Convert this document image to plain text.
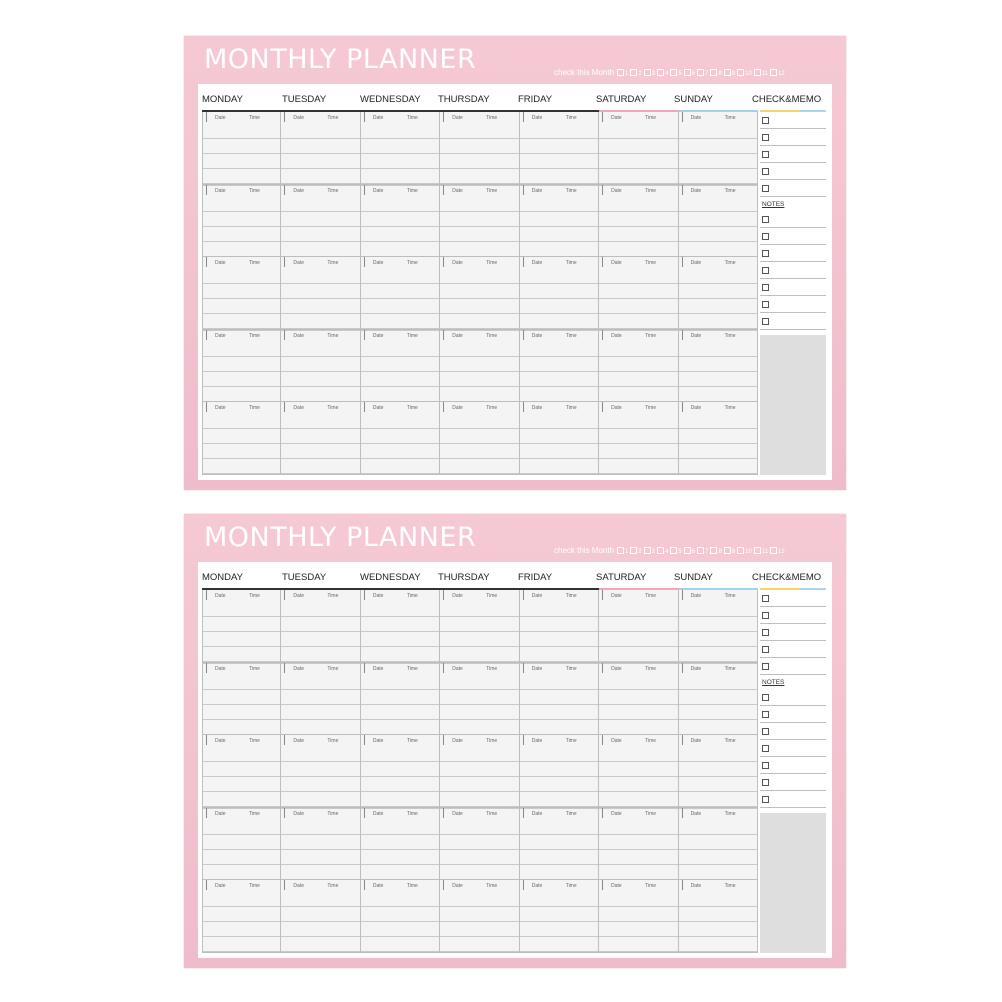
MONTHLY PLANNER	check this Month 1 2 3 4 5 6 7 8 9 10 11 12
MONDAY	TUESDAY	WEDNESDAY THURSDAY	FRIDAY	SATURDAY	SUNDAY	CHECK&MEMO
Date	Time	Date	Time	Date	Time	Date	Time	Date	Time	Date	Time	Date	Time
Date	Time	Date	Time	Date	Time	Date	Time	Date	Time	Date	Time	Date	Time
Date	Time	Date	Time	Date	Time	Date	Time	Date	Time	Date	Time	Date	Time
Date	Time	Date	Time	Date	Time	Date	Time	Date	Time	Date	Time	Date	Time
Date	Time	Date	Time	Date	Time	Date	Time	Date	Time	Date	Time	Date	Time
NOTES
MONTHLY PLANNER	check this Month 1 2 3 4 5 6 7 8 9 10 11 12
MONDAY	TUESDAY	WEDNESDAY THURSDAY	FRIDAY	SATURDAY	SUNDAY	CHECK&MEMO
Date	Time	Date	Time	Date	Time	Date	Time	Date	Time	Date	Time	Date	Time
Date	Time	Date	Time	Date	Time	Date	Time	Date	Time	Date	Time	Date	Time
Date	Time	Date	Time	Date	Time	Date	Time	Date	Time	Date	Time	Date	Time
Date	Time	Date	Time	Date	Time	Date	Time	Date	Time	Date	Time	Date	Time
Date	Time	Date	Time	Date	Time	Date	Time	Date	Time	Date	Time	Date	Time
NOTES
